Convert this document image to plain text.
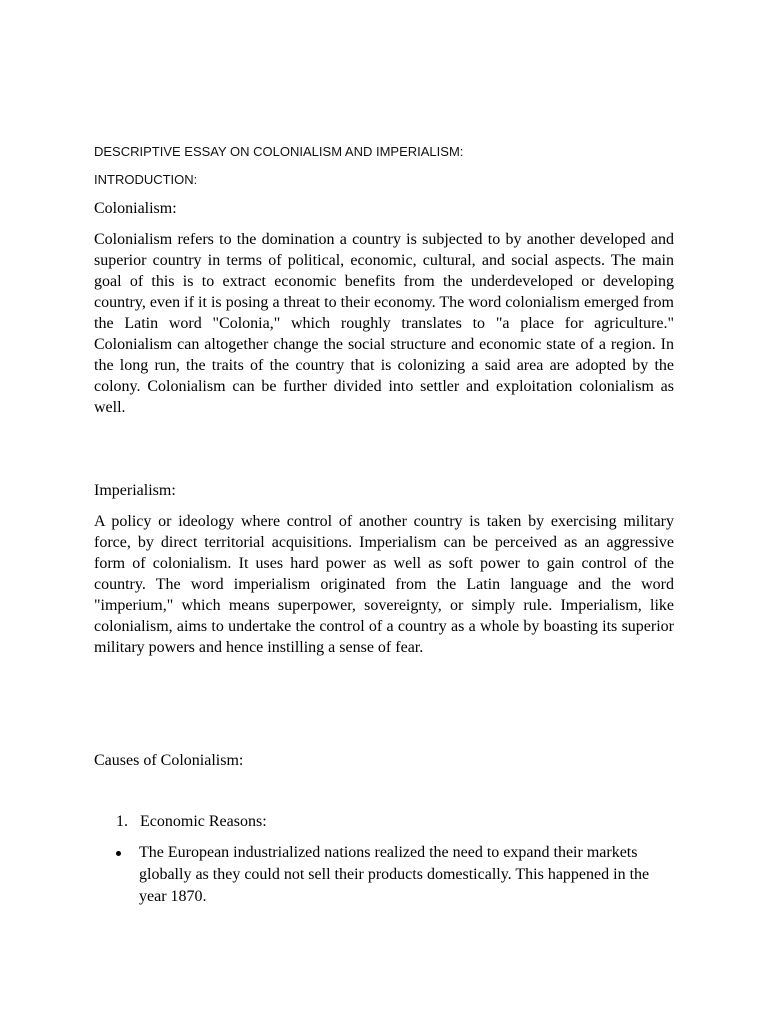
DESCRIPTIVE ESSAY ON COLONIALISM AND IMPERIALISM:
INTRODUCTION:
Colonialism:
Colonialism refers to the domination a country is subjected to by another developed and superior country in terms of political, economic, cultural, and social aspects. The main goal of this is to extract economic benefits from the underdeveloped or developing country, even if it is posing a threat to their economy. The word colonialism emerged from the Latin word "Colonia," which roughly translates to "a place for agriculture." Colonialism can altogether change the social structure and economic state of a region. In the long run, the traits of the country that is colonizing a said area are adopted by the colony. Colonialism can be further divided into settler and exploitation colonialism as well.
Imperialism:
A policy or ideology where control of another country is taken by exercising military force, by direct territorial acquisitions. Imperialism can be perceived as an aggressive form of colonialism. It uses hard power as well as soft power to gain control of the country. The word imperialism originated from the Latin language and the word "imperium," which means superpower, sovereignty, or simply rule. Imperialism, like colonialism, aims to undertake the control of a country as a whole by boasting its superior military powers and hence instilling a sense of fear.
Causes of Colonialism:
1. Economic Reasons:
The European industrialized nations realized the need to expand their markets globally as they could not sell their products domestically. This happened in the year 1870.
